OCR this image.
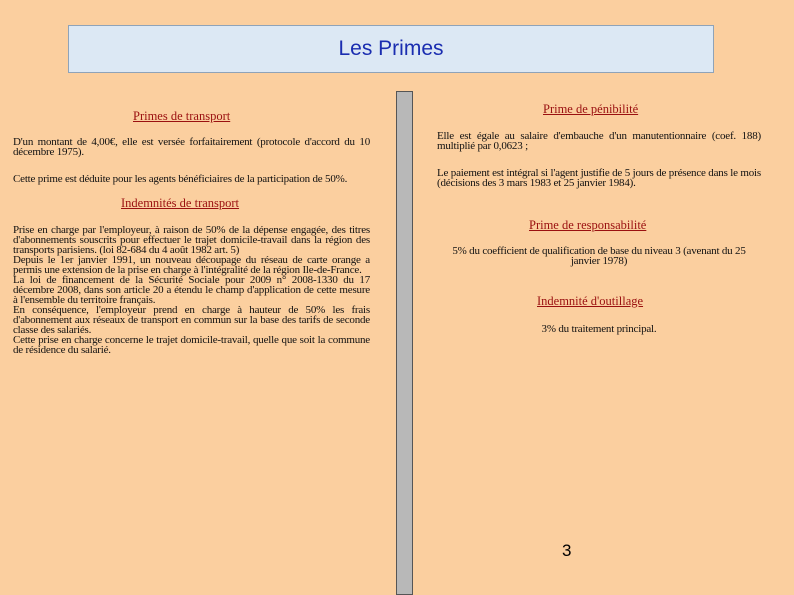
Les Primes
Primes de transport

D'un montant de 4,00€, elle est versée forfaitairement (protocole d'accord du 10 décembre 1975).

Cette prime est déduite pour les agents bénéficiaires de la participation de 50%.

Indemnités de transport

Prise en charge par l'employeur, à raison de 50% de la dépense engagée, des titres d'abonnements souscrits pour effectuer le trajet domicile-travail dans la région des transports parisiens. (loi 82-684 du 4 août 1982 art. 5)

Depuis le 1er janvier 1991, un nouveau découpage du réseau de carte orange a permis une extension de la prise en charge à l'intégralité de la région Ile-de-France.

La loi de financement de la Sécurité Sociale pour 2009 n° 2008-1330 du 17 décembre 2008, dans son article 20 a étendu le champ d'application de cette mesure à l'ensemble du territoire français.

En conséquence, l'employeur prend en charge à hauteur de 50% les frais d'abonnement aux réseaux de transport en commun sur la base des tarifs de seconde classe des salariés.

Cette prise en charge concerne le trajet domicile-travail, quelle que soit la commune de résidence du salarié.

Prime de pénibilité

Elle est égale au salaire d'embauche d'un manutentionnaire (coef. 188) multiplié par 0,0623 ;

Le paiement est intégral si l'agent justifie de 5 jours de présence dans le mois (décisions des 3 mars 1983 et 25 janvier 1984).

Prime de responsabilité

5% du coefficient de qualification de base du niveau 3 (avenant du 25 janvier 1978)

Indemnité d'outillage

3% du traitement principal.

3
